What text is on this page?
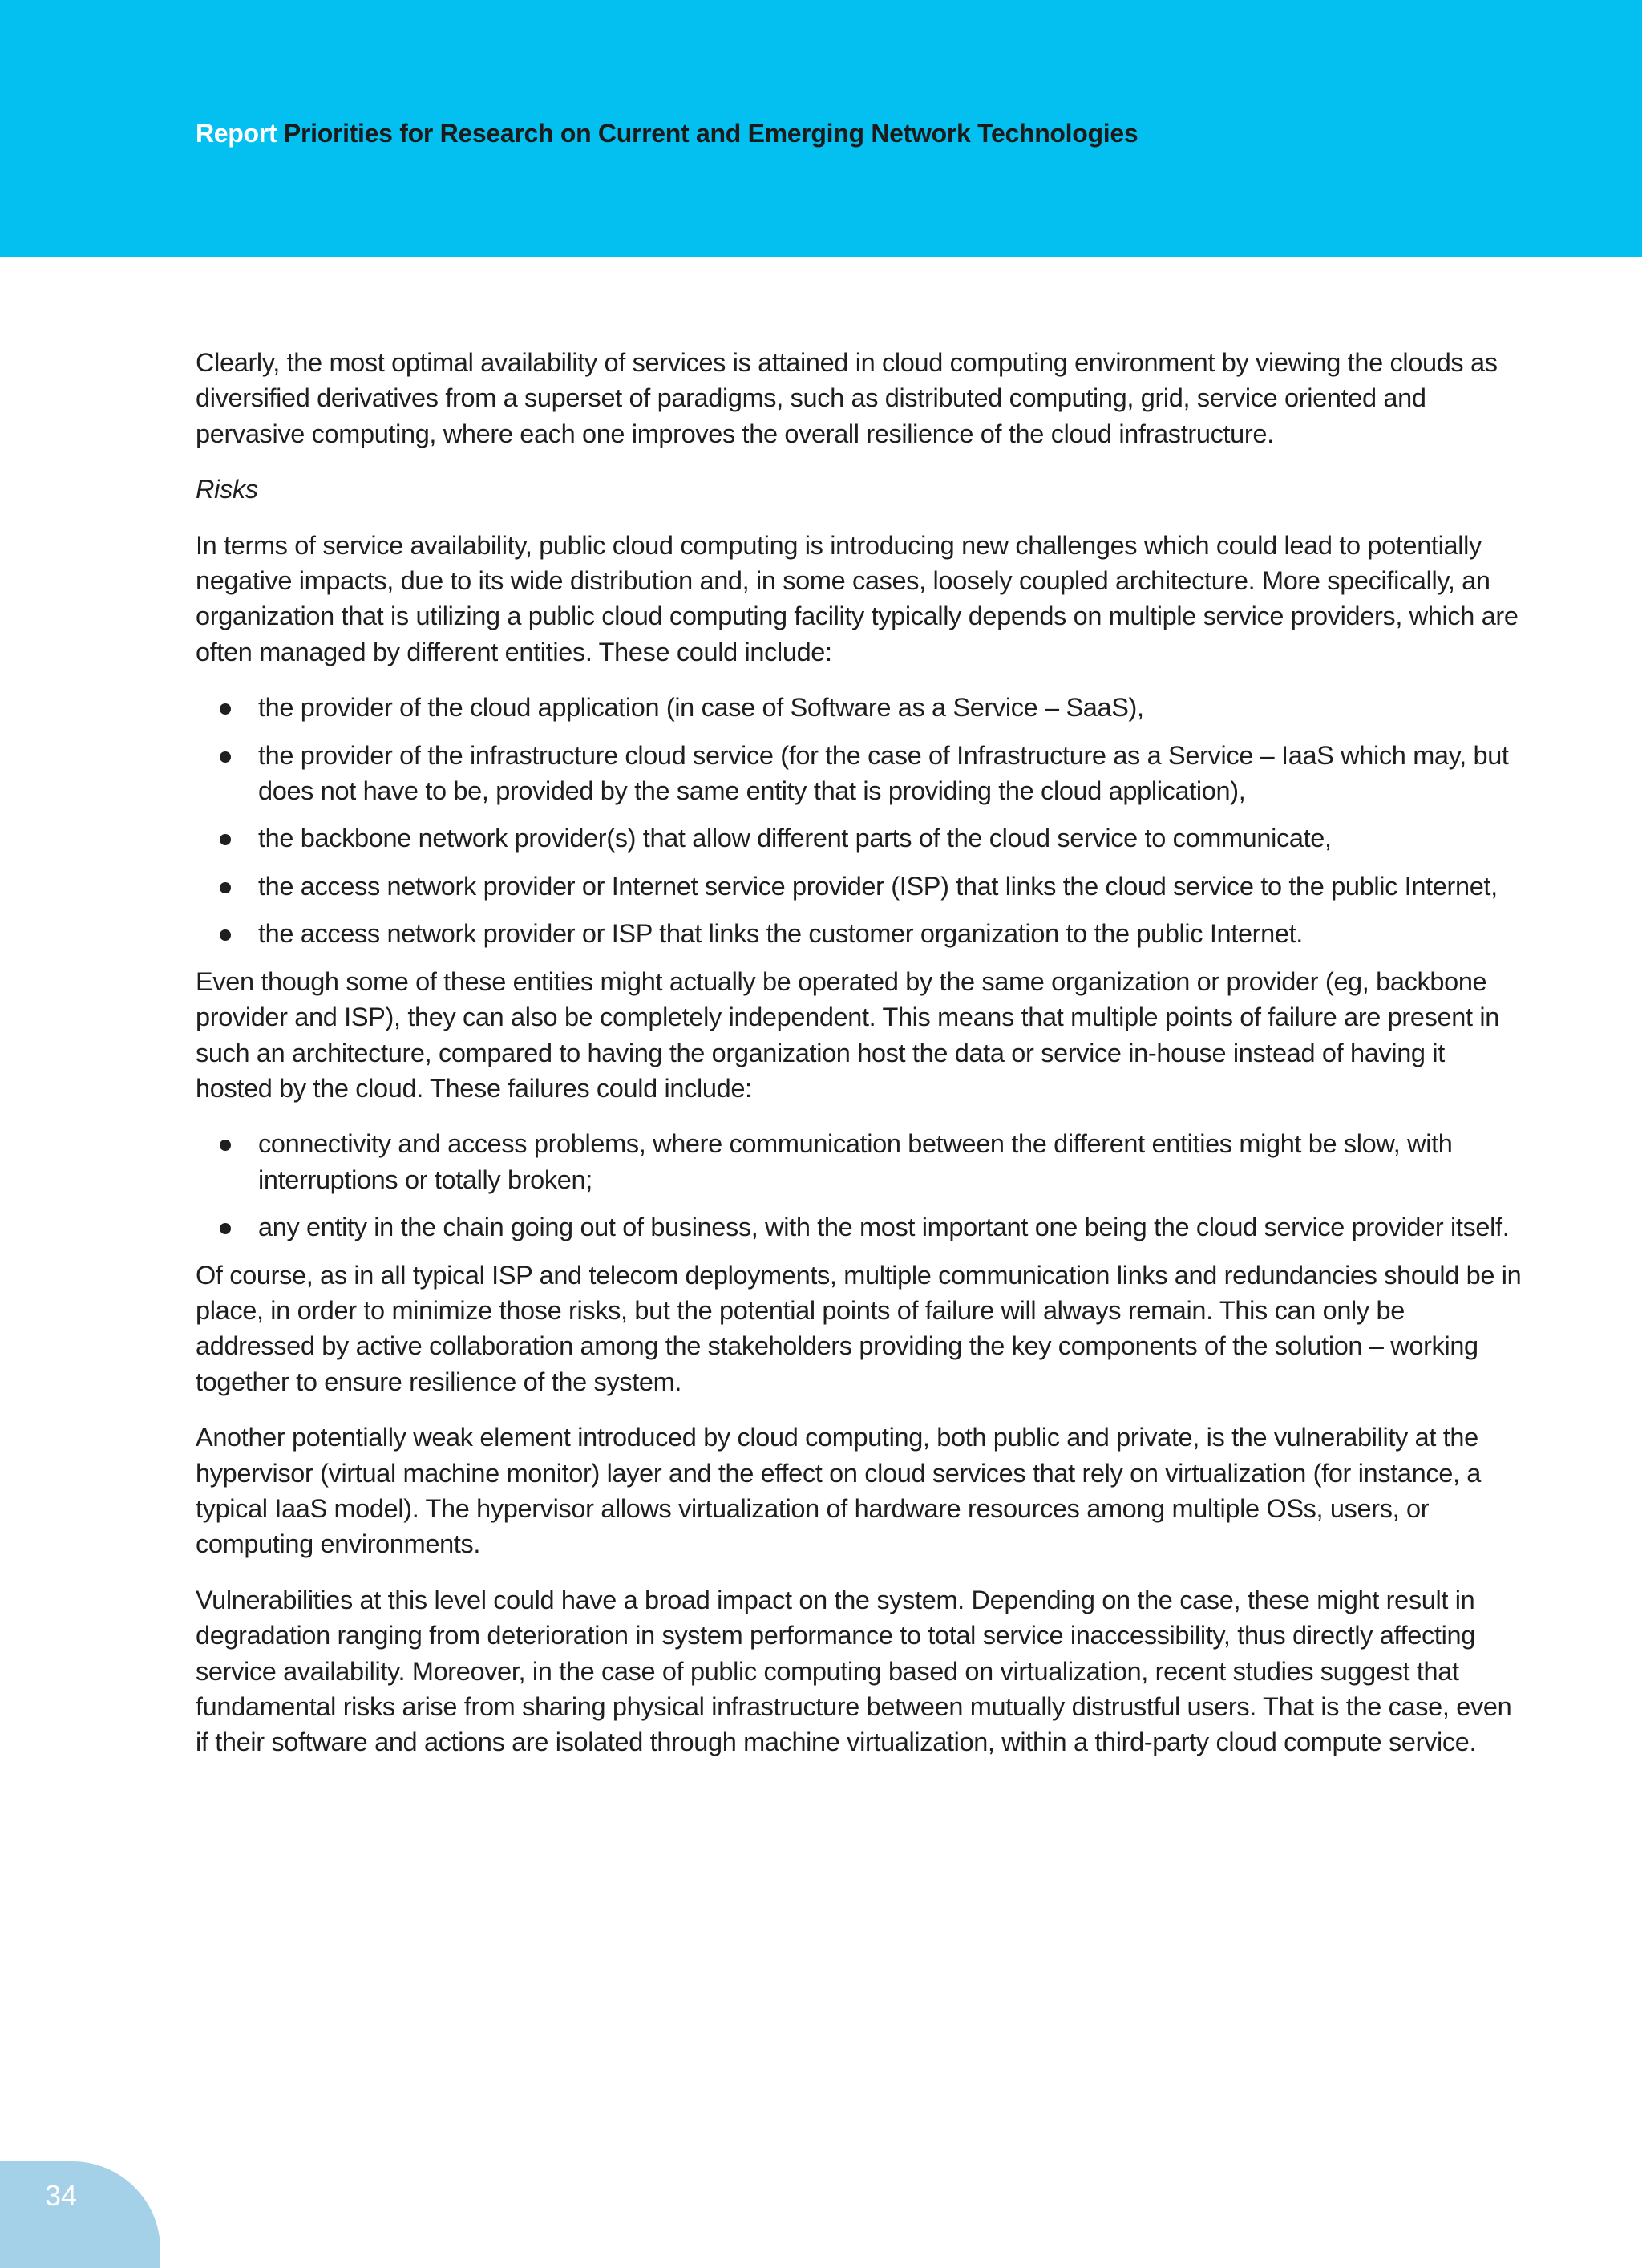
Report Priorities for Research on Current and Emerging Network Technologies

Clearly, the most optimal availability of services is attained in cloud computing environment by viewing the clouds as diversified derivatives from a superset of paradigms, such as distributed computing, grid, service oriented and pervasive computing, where each one improves the overall resilience of the cloud infrastructure.

Risks

In terms of service availability, public cloud computing is introducing new challenges which could lead to potentially negative impacts, due to its wide distribution and, in some cases, loosely coupled architecture. More specifically, an organization that is utilizing a public cloud computing facility typically depends on multiple service providers, which are often managed by different entities. These could include:

the provider of the cloud application (in case of Software as a Service – SaaS),
the provider of the infrastructure cloud service (for the case of Infrastructure as a Service – IaaS which may, but does not have to be, provided by the same entity that is providing the cloud application),
the backbone network provider(s) that allow different parts of the cloud service to communicate,
the access network provider or Internet service provider (ISP) that links the cloud service to the public Internet,
the access network provider or ISP that links the customer organization to the public Internet.

Even though some of these entities might actually be operated by the same organization or provider (eg, backbone provider and ISP), they can also be completely independent. This means that multiple points of failure are present in such an architecture, compared to having the organization host the data or service in-house instead of having it hosted by the cloud. These failures could include:

connectivity and access problems, where communication between the different entities might be slow, with interruptions or totally broken;
any entity in the chain going out of business, with the most important one being the cloud service provider itself.

Of course, as in all typical ISP and telecom deployments, multiple communication links and redundancies should be in place, in order to minimize those risks, but the potential points of failure will always remain. This can only be addressed by active collaboration among the stakeholders providing the key components of the solution – working together to ensure resilience of the system.

Another potentially weak element introduced by cloud computing, both public and private, is the vulnerability at the hypervisor (virtual machine monitor) layer and the effect on cloud services that rely on virtualization (for instance, a typical IaaS model). The hypervisor allows virtualization of hardware resources among multiple OSs, users, or computing environments.

Vulnerabilities at this level could have a broad impact on the system. Depending on the case, these might result in degradation ranging from deterioration in system performance to total service inaccessibility, thus directly affecting service availability. Moreover, in the case of public computing based on virtualization, recent studies suggest that fundamental risks arise from sharing physical infrastructure between mutually distrustful users. That is the case, even if their software and actions are isolated through machine virtualization, within a third-party cloud compute service.

34
